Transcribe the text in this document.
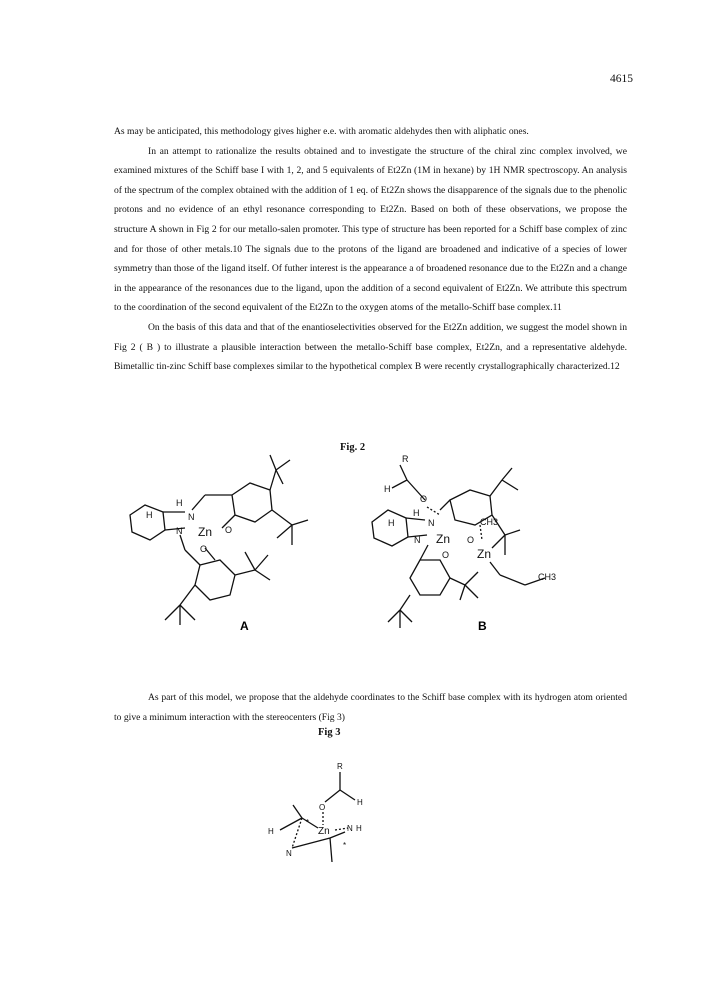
4615

As may be anticipated, this methodology gives higher e.e. with aromatic aldehydes then with aliphatic ones.

In an attempt to rationalize the results obtained and to investigate the structure of the chiral zinc complex involved, we examined mixtures of the Schiff base I with 1, 2, and 5 equivalents of Et2Zn (1M in hexane) by 1H NMR spectroscopy. An analysis of the spectrum of the complex obtained with the addition of 1 eq. of Et2Zn shows the disapparence of the signals due to the phenolic protons and no evidence of an ethyl resonance corresponding to Et2Zn. Based on both of these observations, we propose the structure A shown in Fig 2 for our metallo-salen promoter. This type of structure has been reported for a Schiff base complex of zinc and for those of other metals.10 The signals due to the protons of the ligand are broadened and indicative of a species of lower symmetry than those of the ligand itself. Of futher interest is the appearance a of broadened resonance due to the Et2Zn and a change in the appearance of the resonances due to the ligand, upon the addition of a second equivalent of Et2Zn. We attribute this spectrum to the coordination of the second equivalent of the Et2Zn to the oxygen atoms of the metallo-Schiff base complex.11

On the basis of this data and that of the enantioselectivities observed for the Et2Zn addition, we suggest the model shown in Fig 2 ( B ) to illustrate a plausible interaction between the metallo-Schiff base complex, Et2Zn, and a representative aldehyde. Bimetallic tin-zinc Schiff base complexes similar to the hypothetical complex B were recently crystallographically characterized.12

Fig. 2
H
H	N
N Zn O
O
A
R
H
O
H
H	N
N Zn O
O Zn
CH3
CH3
B
R
O
H
Zn N
H	H
N
*
*

As part of this model, we propose that the aldehyde coordinates to the Schiff base complex with its hydrogen atom oriented to give a minimum interaction with the stereocenters (Fig 3)

Fig 3
